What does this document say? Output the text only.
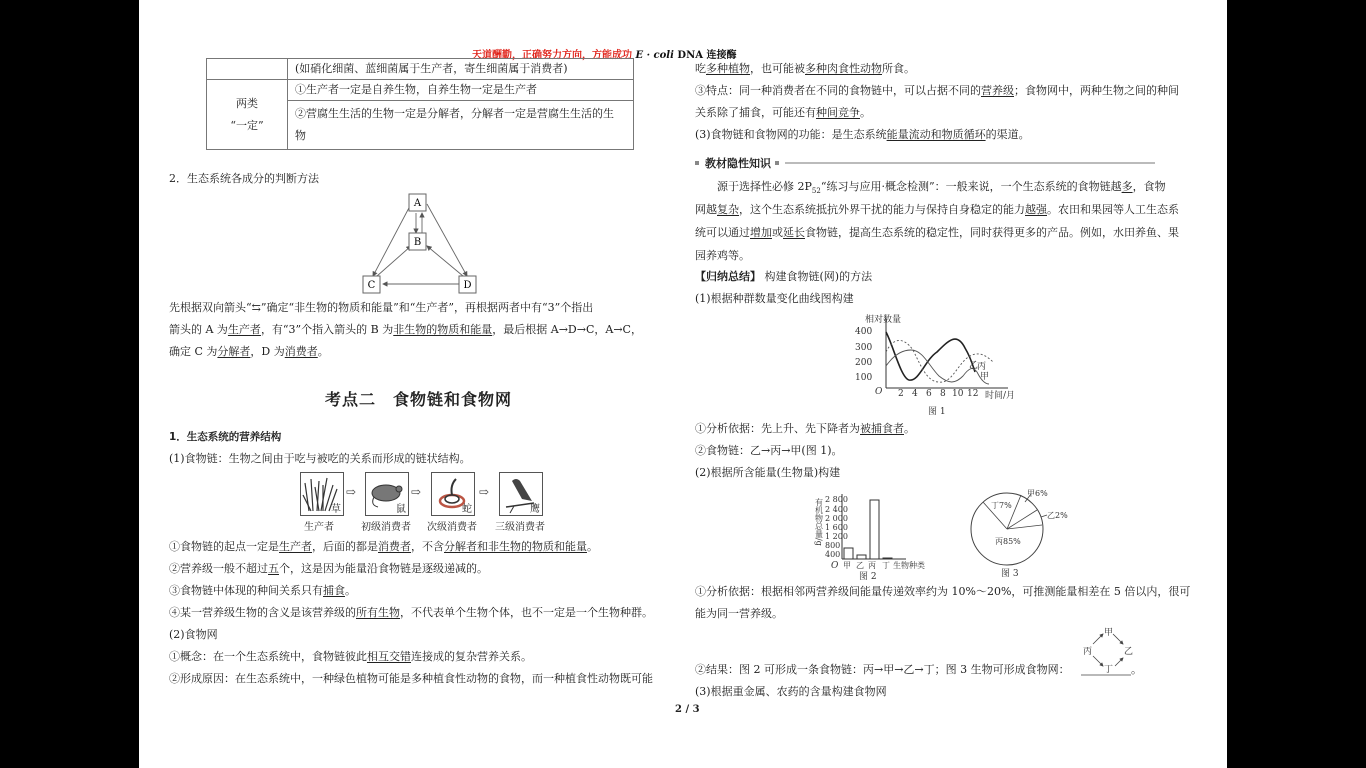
天道酬勤，正确努力方向，方能成功 E · coli DNA 连接酶
	(如硝化细菌、蓝细菌属于生产者，寄生细菌属于消费者)

两类
“一定”	①生产者一定是自养生物，自养生物一定是生产者

	②营腐生生活的生物一定是分解者，分解者一定是营腐生生活的生
物
2．生态系统各成分的判断方法
A
B
C	D
先根据双向箭头“⇆”确定“非生物的物质和能量”和“生产者”，再根据两者中有“3”个指出
箭头的 A 为生产者，有“3”个指入箭头的 B 为非生物的物质和能量，最后根据 A→D→C，A→C，
确定 C 为分解者，D 为消费者。
考点二　食物链和食物网
1．生态系统的营养结构
(1)食物链：生物之间由于吃与被吃的关系而形成的链状结构。
草
⇨
鼠
⇨
蛇
⇨
鹰
生产者	初级消费者 次级消费者 三级消费者
①食物链的起点一定是生产者，后面的都是消费者，不含分解者和非生物的物质和能量。
②营养级一般不超过五个，这是因为能量沿食物链是逐级递减的。
③食物链中体现的种间关系只有捕食。
④某一营养级生物的含义是该营养级的所有生物，不代表单个生物个体，也不一定是一个生物种群。
(2)食物网
①概念：在一个生态系统中，食物链彼此相互交错连接成的复杂营养关系。
②形成原因：在生态系统中，一种绿色植物可能是多种植食性动物的食物，而一种植食性动物既可能
吃多种植物，也可能被多种肉食性动物所食。
③特点：同一种消费者在不同的食物链中，可以占据不同的营养级；食物网中，两种生物之间的种间
关系除了捕食，可能还有种间竞争。
(3)食物链和食物网的功能：是生态系统能量流动和物质循环的渠道。
教材隐性知识
源于选择性必修 $2P_{52}“$练习与应用·概念检测”：一般来说，一个生态系统的食物链越多，食物
网越复杂，这个生态系统抵抗外界干扰的能力与保持自身稳定的能力越强。农田和果园等人工生态系
统可以通过增加或延长食物链，提高生态系统的稳定性，同时获得更多的产品。例如，水田养鱼、果
园养鸡等。
【归纳总结】 构建食物链(网)的方法
(1)根据种群数量变化曲线图构建
相对数量
400
300
200
100
O 2 4 6 8 10 12 时间/月
图 1
丙
乙
甲
①分析依据：先上升、先下降者为被捕食者。
②食物链：乙→丙→甲(图 1)。
(2)根据所含能量(生物量)构建
有机物总量/g 2 800
2 400
2 000
1 600
1 200
800
400
O 甲 乙 丙 丁 生物种类
图 2
丁7%
甲6%
乙2%
丙85%
图 3
①分析依据：根据相邻两营养级间能量传递效率约为 10%～20%，可推测能量相差在 5 倍以内，很可
能为同一营养级。
②结果：图 2 可形成一条食物链：丙→甲→乙→丁；图 3 生物可形成食物网：
甲
丙	乙
丁 。
(3)根据重金属、农药的含量构建食物网
2 / 3
